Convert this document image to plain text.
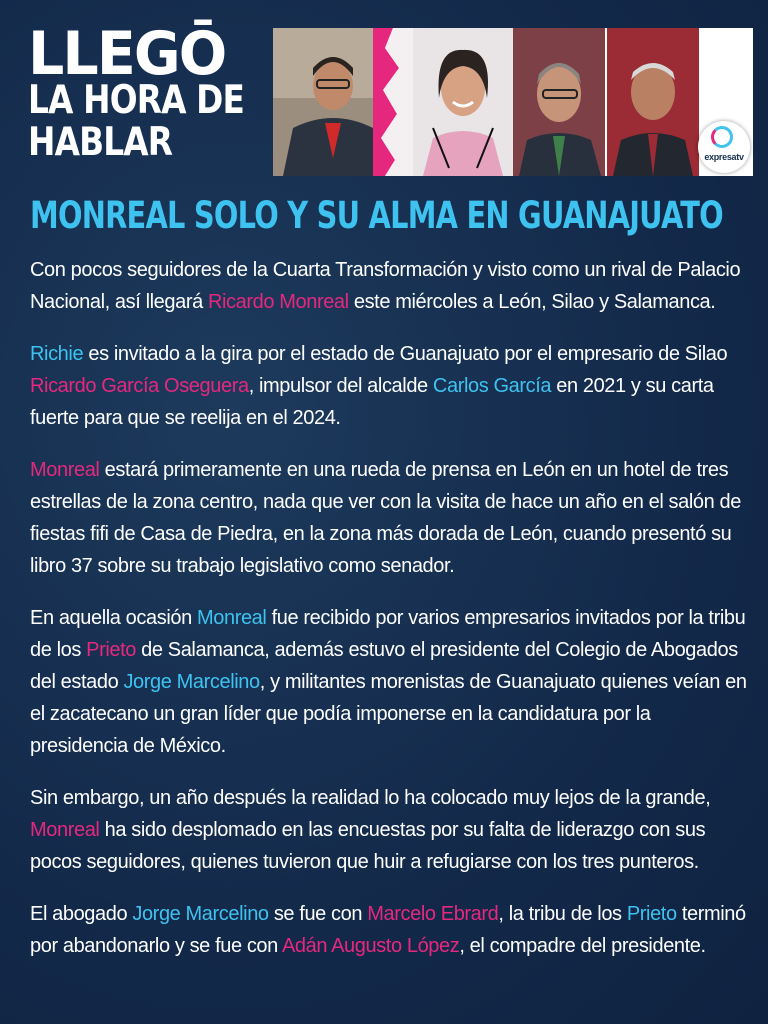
LLEGŌ
LA HORA DE
HABLAR	expresatv
MONREAL SOLO Y SU ALMA EN GUANAJUATO

Con pocos seguidores de la Cuarta Transformación y visto como un rival de Palacio Nacional, así llegará Ricardo Monreal este miércoles a León, Silao y Salamanca.

Richie es invitado a la gira por el estado de Guanajuato por el empresario de Silao Ricardo García Oseguera, impulsor del alcalde Carlos García en 2021 y su carta fuerte para que se reelija en el 2024.

Monreal estará primeramente en una rueda de prensa en León en un hotel de tres estrellas de la zona centro, nada que ver con la visita de hace un año en el salón de fiestas fifi de Casa de Piedra, en la zona más dorada de León, cuando presentó su libro 37 sobre su trabajo legislativo como senador.

En aquella ocasión Monreal fue recibido por varios empresarios invitados por la tribu de los Prieto de Salamanca, además estuvo el presidente del Colegio de Abogados del estado Jorge Marcelino, y militantes morenistas de Guanajuato quienes veían en el zacatecano un gran líder que podía imponerse en la candidatura por la presidencia de México.

Sin embargo, un año después la realidad lo ha colocado muy lejos de la grande, Monreal ha sido desplomado en las encuestas por su falta de liderazgo con sus pocos seguidores, quienes tuvieron que huir a refugiarse con los tres punteros.

El abogado Jorge Marcelino se fue con Marcelo Ebrard, la tribu de los Prieto terminó por abandonarlo y se fue con Adán Augusto López, el compadre del presidente.
